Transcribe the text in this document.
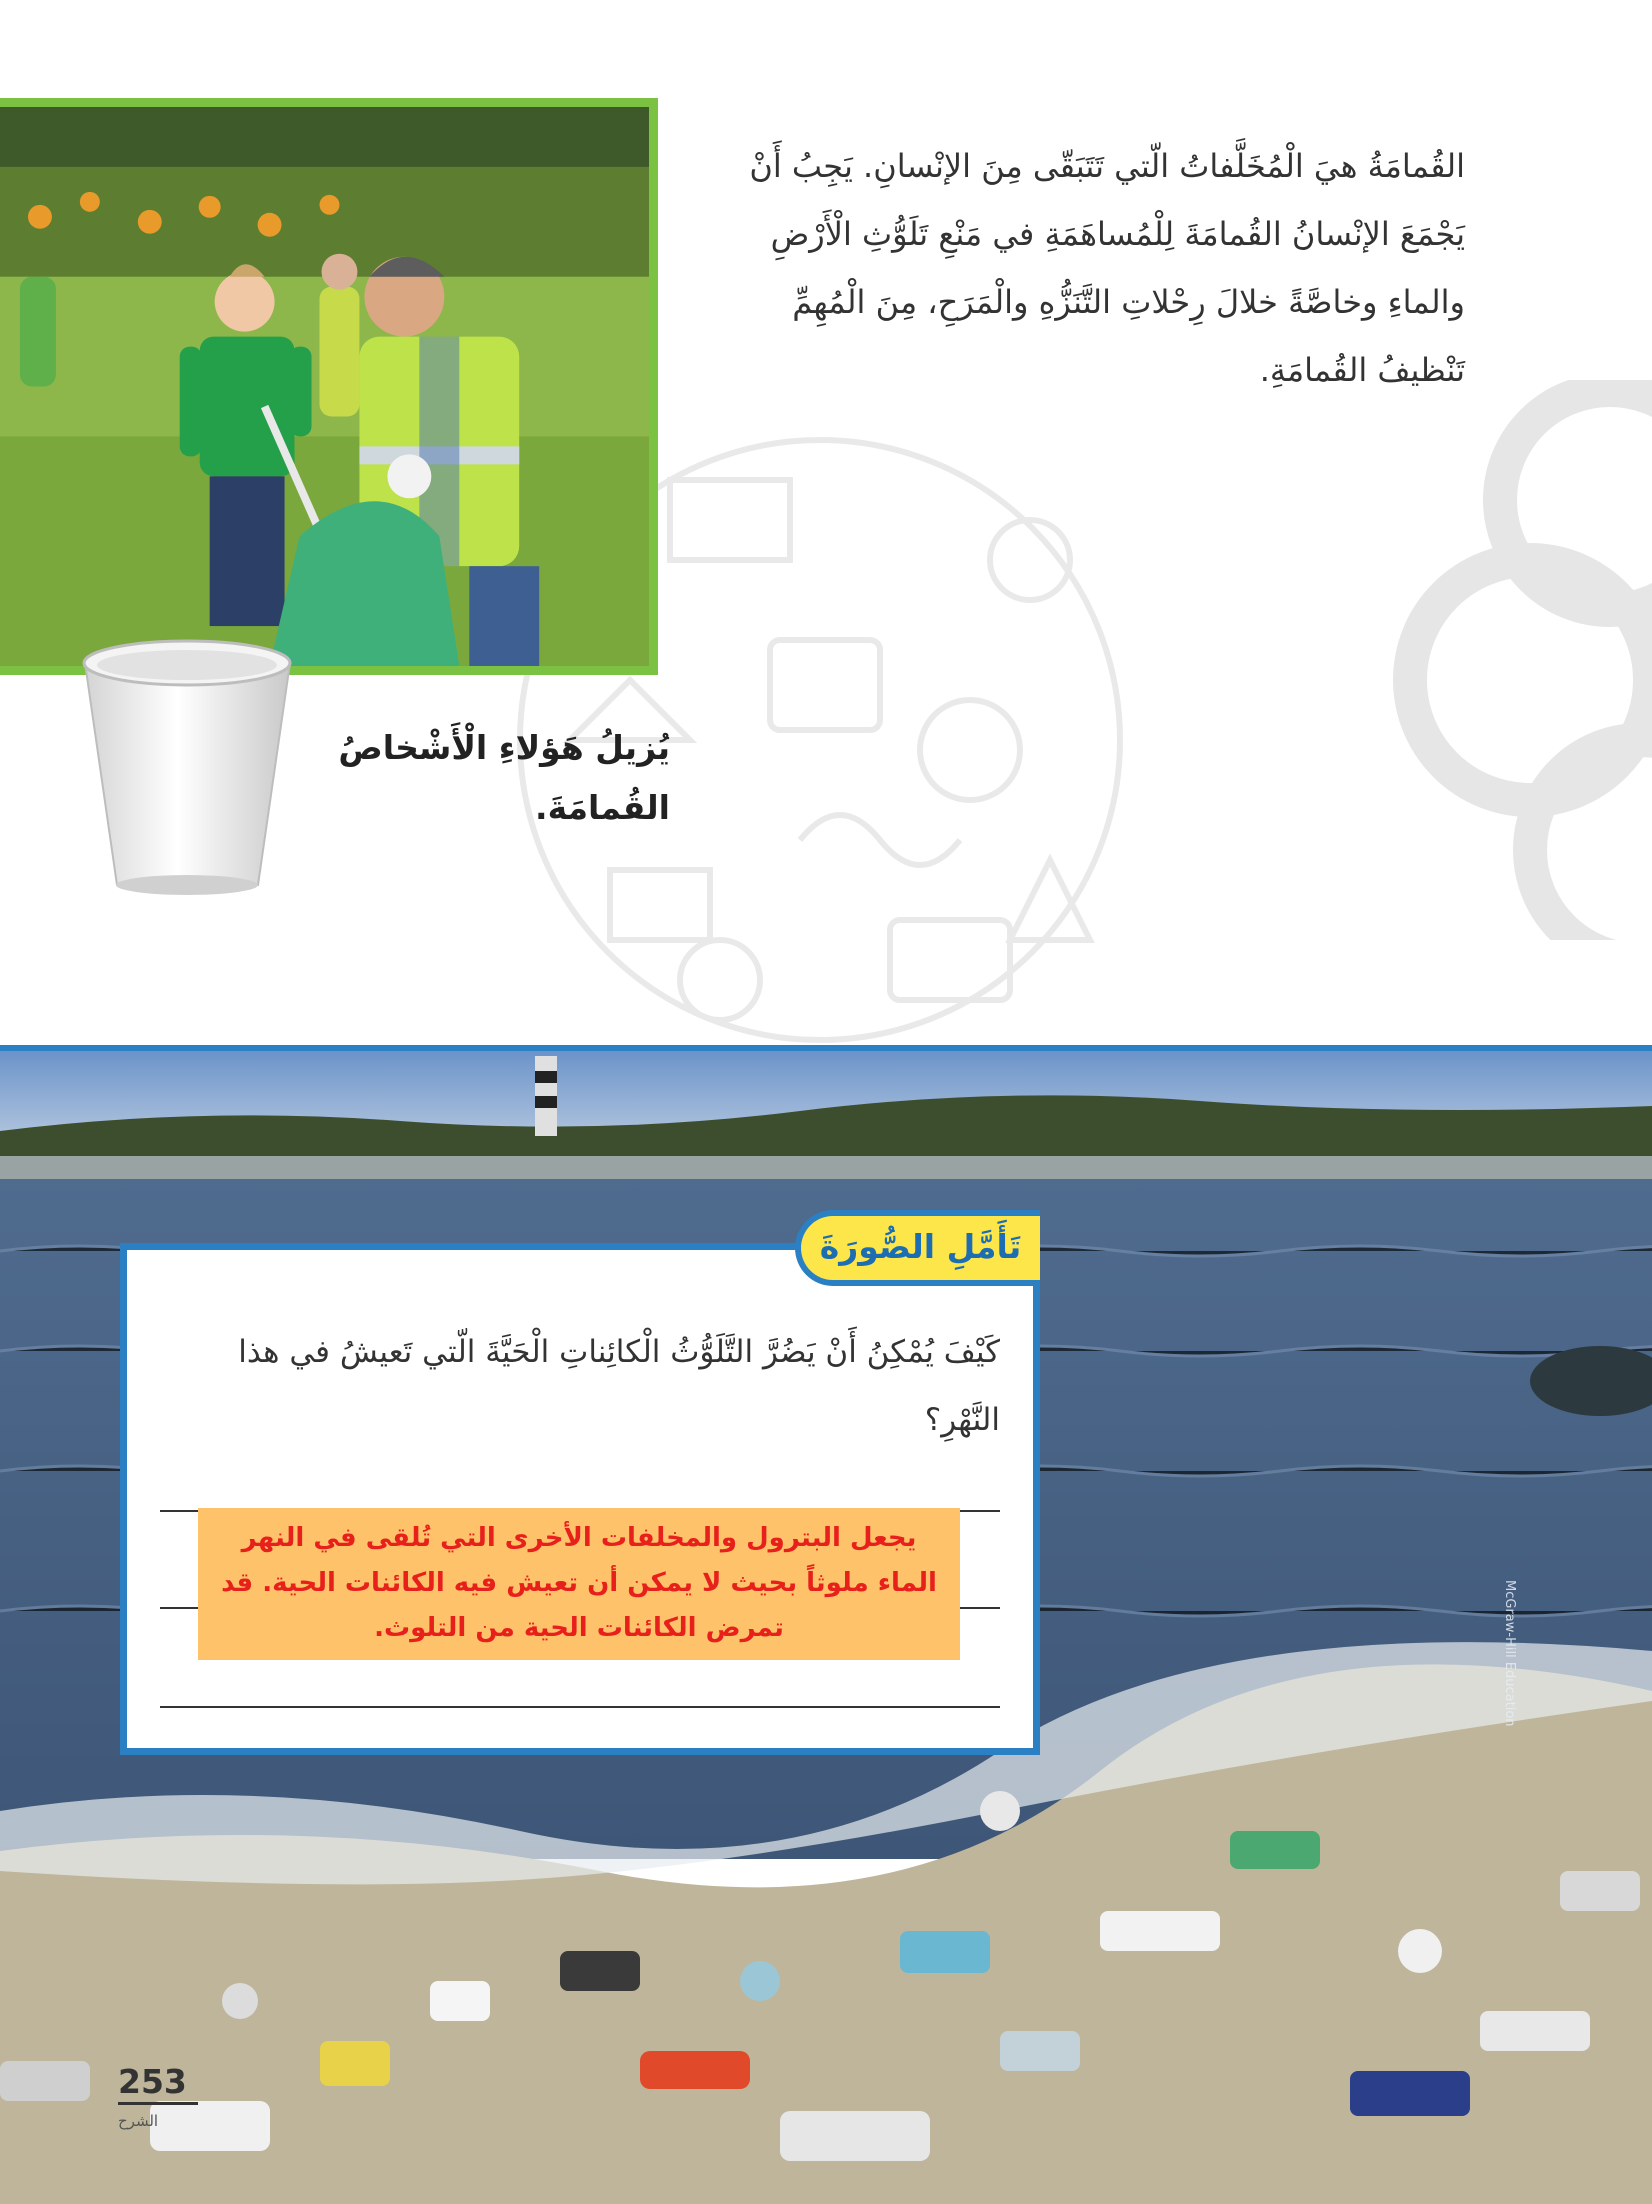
القُمامَةُ هيَ الْمُخَلَّفاتُ الّتي تَتَبَقّى مِنَ الإنْسانِ. يَجِبُ أَنْ يَجْمَعَ الإنْسانُ القُمامَةَ لِلْمُساهَمَةِ في مَنْعِ تَلَوُّثِ الْأَرْضِ والماءِ وخاصَّةً خلالَ رِحْلاتِ التَّنَزُّهِ والْمَرَحِ، مِنَ الْمُهِمِّ تَنْظيفُ القُمامَةِ.
يُزيلُ هَؤلاءِ الْأَشْخاصُ القُمامَةَ.
McGraw-Hill Education
تَأَمَّلِ الصُّورَةَ
كَيْفَ يُمْكِنُ أَنْ يَضُرَّ التَّلَوُّثُ الْكائِناتِ الْحَيَّةَ الّتي تَعيشُ في هذا النَّهْرِ؟
يجعل البترول والمخلفات الأخرى التي تُلقى في النهر الماء ملوثاً بحيث لا يمكن أن تعيش فيه الكائنات الحية. قد تمرض الكائنات الحية من التلوث.
253
الشرح
